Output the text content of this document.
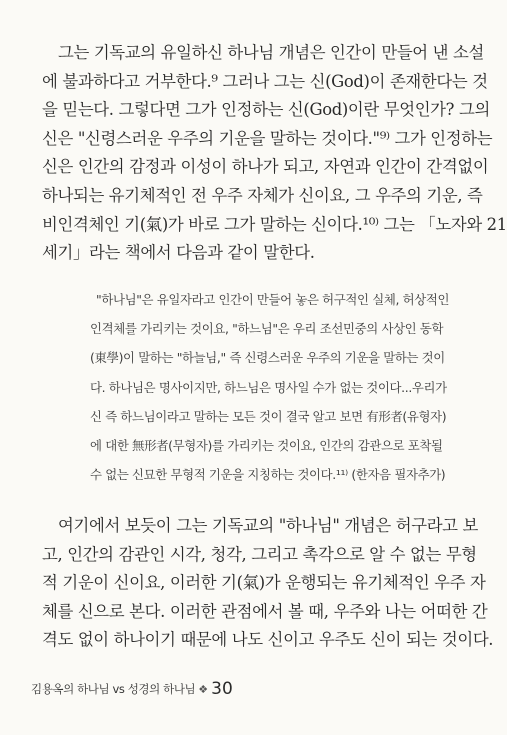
그는 기독교의 유일하신 하나님 개념은 인간이 만들어 낸 소설
에 불과하다고 거부한다.⁹ 그러나 그는 신(God)이 존재한다는 것
을 믿는다. 그렇다면 그가 인정하는 신(God)이란 무엇인가? 그의
신은 "신령스러운 우주의 기운을 말하는 것이다."⁹⁾ 그가 인정하는
신은 인간의 감정과 이성이 하나가 되고, 자연과 인간이 간격없이
하나되는 유기체적인 전 우주 자체가 신이요, 그 우주의 기운, 즉
비인격체인 기(氣)가 바로 그가 말하는 신이다.¹⁰⁾ 그는 「노자와 21
세기」라는 책에서 다음과 같이 말한다.

"하나님"은 유일자라고 인간이 만들어 놓은 허구적인 실체, 허상적인
인격체를 가리키는 것이요, "하느님"은 우리 조선민중의 사상인 동학
(東學)이 말하는 "하늘님," 즉 신령스러운 우주의 기운을 말하는 것이
다. 하나님은 명사이지만, 하느님은 명사일 수가 없는 것이다...우리가
신 즉 하느님이라고 말하는 모든 것이 결국 알고 보면 有形者(유형자)
에 대한 無形者(무형자)를 가리키는 것이요, 인간의 감관으로 포착될
수 없는 신묘한 무형적 기운을 지칭하는 것이다.¹¹⁾ (한자음 필자추가)

여기에서 보듯이 그는 기독교의 "하나님" 개념은 허구라고 보
고, 인간의 감관인 시각, 청각, 그리고 촉각으로 알 수 없는 무형
적 기운이 신이요, 이러한 기(氣)가 운행되는 유기체적인 우주 자
체를 신으로 본다. 이러한 관점에서 볼 때, 우주와 나는 어떠한 간
격도 없이 하나이기 때문에 나도 신이고 우주도 신이 되는 것이다.

김용옥의 하나님 vs 성경의 하나님 ❖ 30
